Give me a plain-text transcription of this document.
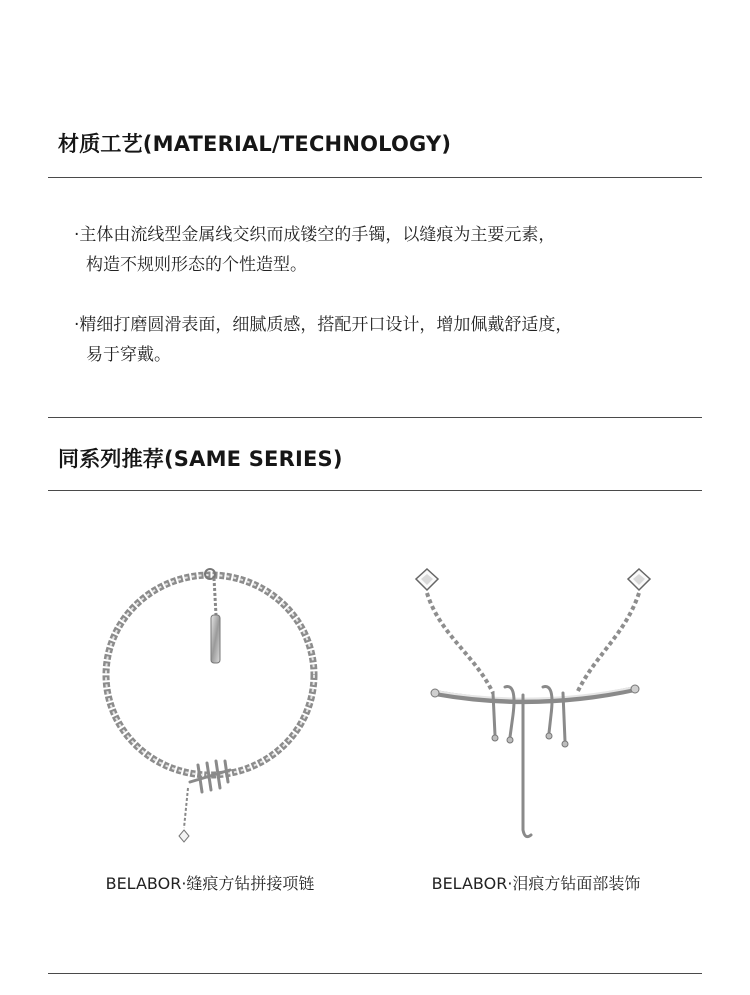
材质工艺(MATERIAL/TECHNOLOGY)
·主体由流线型金属线交织而成镂空的手镯，以缝痕为主要元素，
构造不规则形态的个性造型。
·精细打磨圆滑表面，细腻质感，搭配开口设计，增加佩戴舒适度，
易于穿戴。
同系列推荐(SAME SERIES)
BELABOR·缝痕方钻拼接项链	BELABOR·泪痕方钻面部装饰
